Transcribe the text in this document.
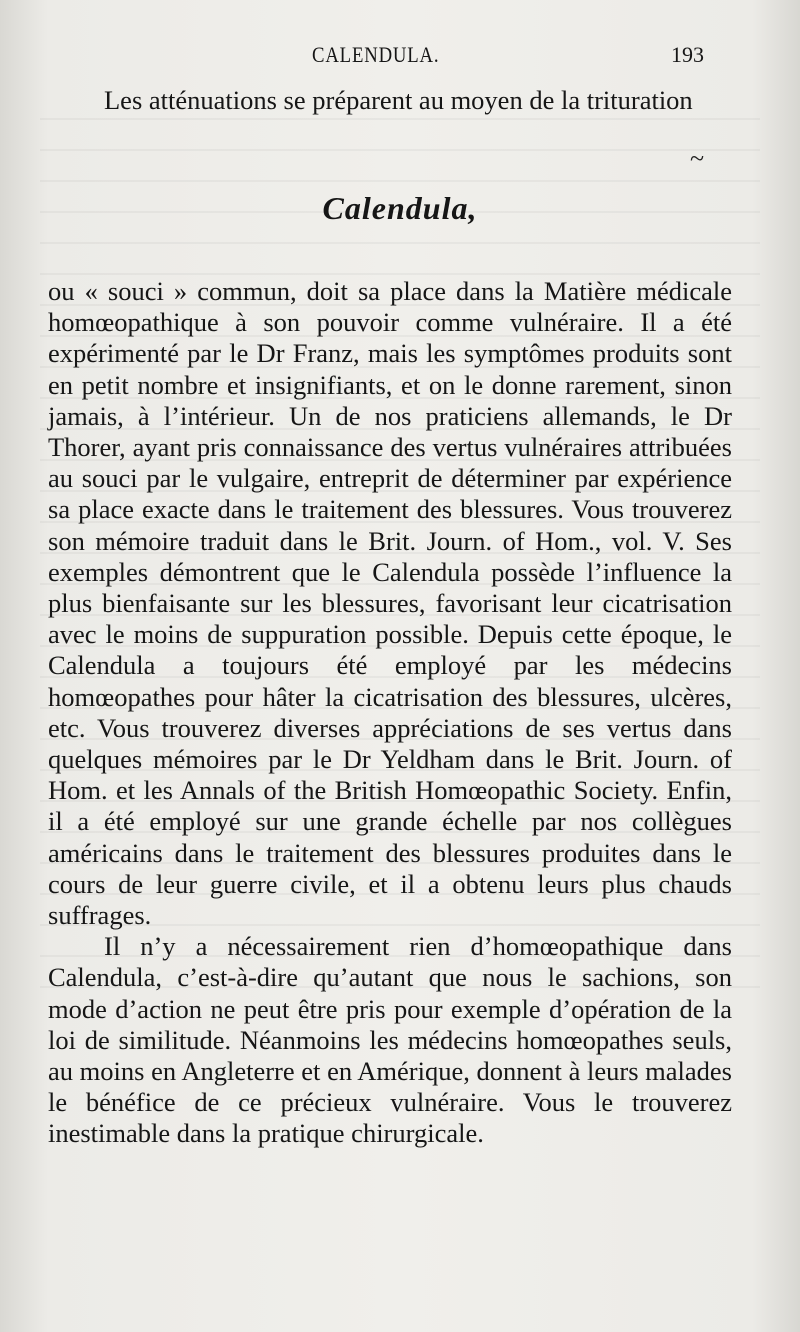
CALENDULA.	193

Les atténuations se préparent au moyen de la trituration

~
Calendula,

ou « souci » commun, doit sa place dans la Matière médicale homœopathique à son pouvoir comme vulnéraire. Il a été expérimenté par le Dr Franz, mais les symptômes produits sont en petit nombre et insignifiants, et on le donne rarement, sinon jamais, à l’intérieur. Un de nos praticiens allemands, le Dr Thorer, ayant pris connaissance des vertus vulnéraires attribuées au souci par le vulgaire, entreprit de déterminer par expérience sa place exacte dans le traitement des blessures. Vous trouverez son mémoire traduit dans le Brit. Journ. of Hom., vol. V. Ses exemples démontrent que le Calendula possède l’influence la plus bienfaisante sur les blessures, favorisant leur cicatrisation avec le moins de suppuration possible. Depuis cette époque, le Calendula a toujours été employé par les médecins homœopathes pour hâter la cicatrisation des blessures, ulcères, etc. Vous trouverez diverses appréciations de ses vertus dans quelques mémoires par le Dr Yeldham dans le Brit. Journ. of Hom. et les Annals of the British Homœopathic Society. Enfin, il a été employé sur une grande échelle par nos collègues américains dans le traitement des blessures produites dans le cours de leur guerre civile, et il a obtenu leurs plus chauds suffrages.

Il n’y a nécessairement rien d’homœopathique dans Calendula, c’est-à-dire qu’autant que nous le sachions, son mode d’action ne peut être pris pour exemple d’opération de la loi de similitude. Néanmoins les médecins homœopathes seuls, au moins en Angleterre et en Amérique, donnent à leurs malades le bénéfice de ce précieux vulnéraire. Vous le trouverez inestimable dans la pratique chirurgicale.
